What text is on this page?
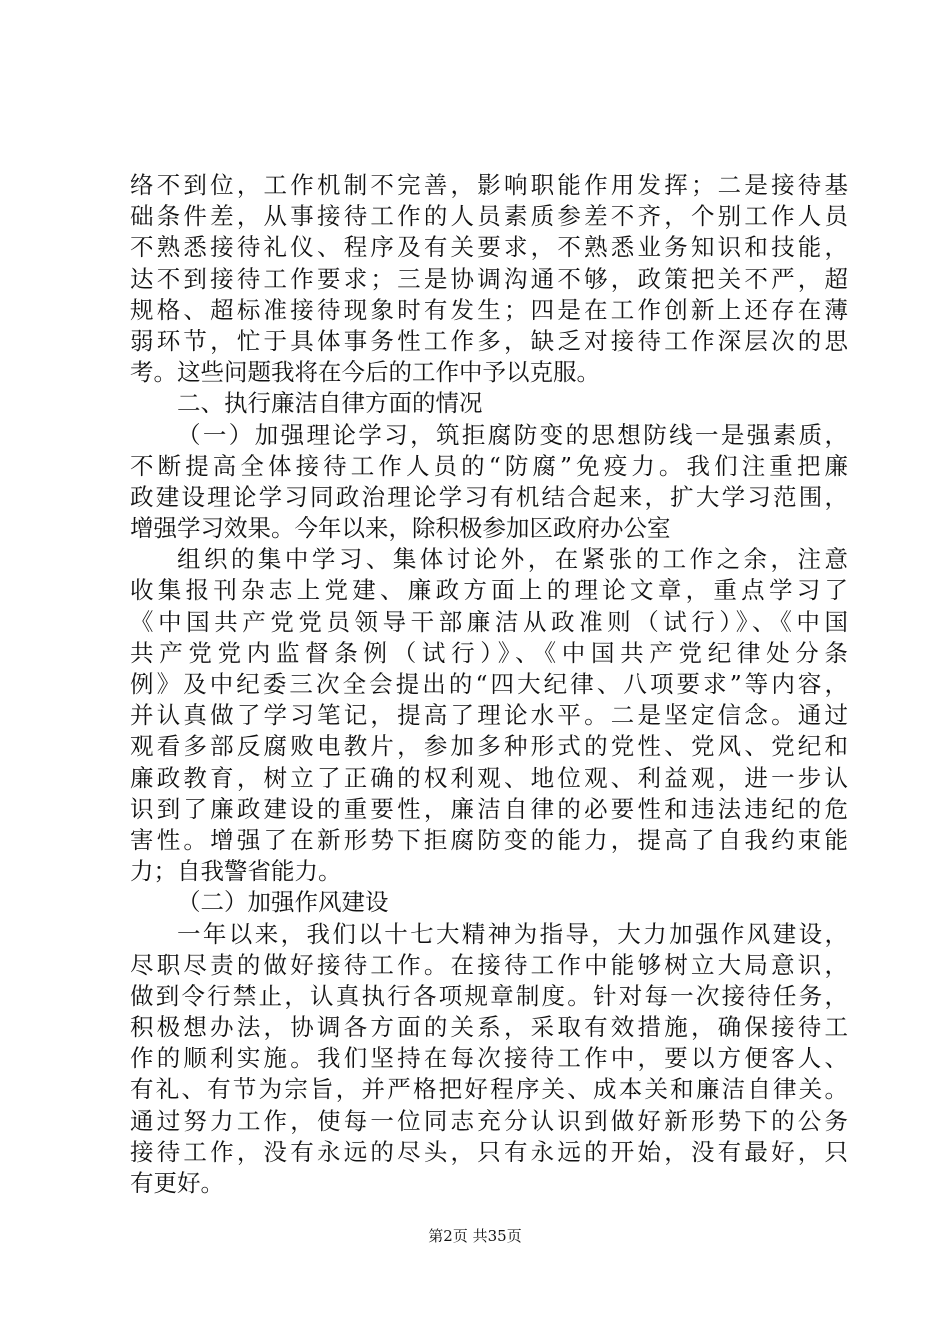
络不到位，工作机制不完善，影响职能作用发挥；二是接待基
础条件差，从事接待工作的人员素质参差不齐，个别工作人员
不熟悉接待礼仪、程序及有关要求，不熟悉业务知识和技能，
达不到接待工作要求；三是协调沟通不够，政策把关不严，超
规格、超标准接待现象时有发生；四是在工作创新上还存在薄
弱环节，忙于具体事务性工作多，缺乏对接待工作深层次的思
考。这些问题我将在今后的工作中予以克服。
二、执行廉洁自律方面的情况
（一）加强理论学习，筑拒腐防变的思想防线一是强素质，
不断提高全体接待工作人员的“防腐”免疫力。我们注重把廉
政建设理论学习同政治理论学习有机结合起来，扩大学习范围，
增强学习效果。今年以来，除积极参加区政府办公室
组织的集中学习、集体讨论外，在紧张的工作之余，注意
收集报刊杂志上党建、廉政方面上的理论文章，重点学习了
《中国共产党党员领导干部廉洁从政准则（试行）》、《中国
共产党党内监督条例（试行）》、《中国共产党纪律处分条
例》及中纪委三次全会提出的“四大纪律、八项要求”等内容，
并认真做了学习笔记，提高了理论水平。二是坚定信念。通过
观看多部反腐败电教片，参加多种形式的党性、党风、党纪和
廉政教育，树立了正确的权利观、地位观、利益观，进一步认
识到了廉政建设的重要性，廉洁自律的必要性和违法违纪的危
害性。增强了在新形势下拒腐防变的能力，提高了自我约束能
力；自我警省能力。
（二）加强作风建设
一年以来，我们以十七大精神为指导，大力加强作风建设，
尽职尽责的做好接待工作。在接待工作中能够树立大局意识，
做到令行禁止，认真执行各项规章制度。针对每一次接待任务，
积极想办法，协调各方面的关系，采取有效措施，确保接待工
作的顺利实施。我们坚持在每次接待工作中，要以方便客人、
有礼、有节为宗旨，并严格把好程序关、成本关和廉洁自律关。
通过努力工作，使每一位同志充分认识到做好新形势下的公务
接待工作，没有永远的尽头，只有永远的开始，没有最好，只
有更好。
第2页 共35页
